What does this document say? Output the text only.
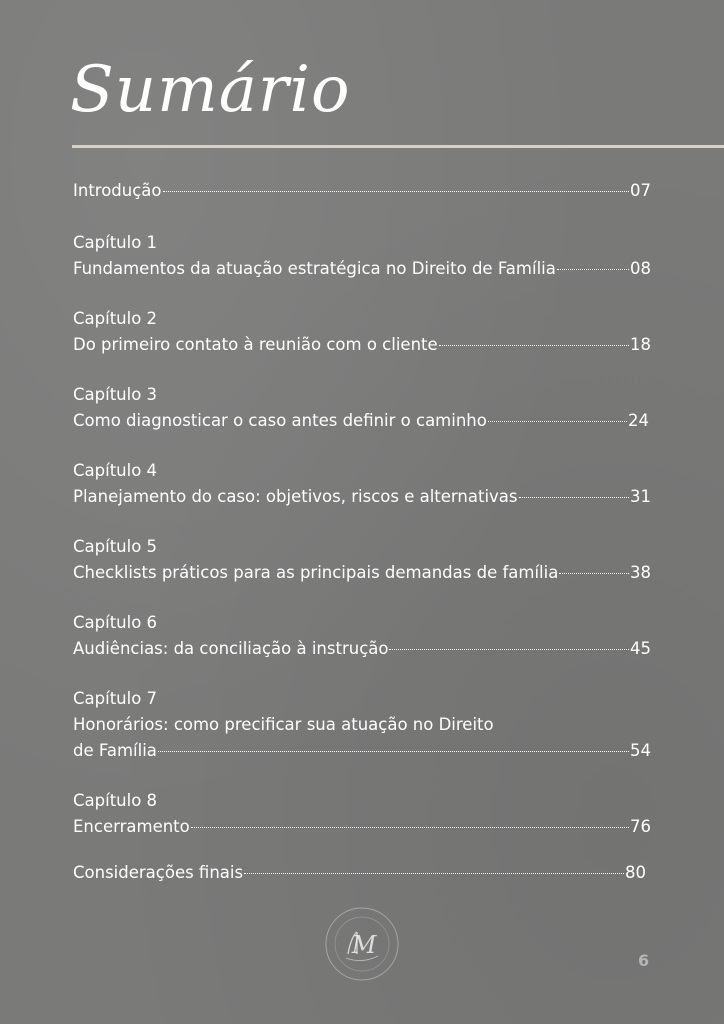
Sumário
Introdução	07
Capítulo 1
Fundamentos da atuação estratégica no Direito de Família	08
Capítulo 2
Do primeiro contato à reunião com o cliente	18
Capítulo 3
Como diagnosticar o caso antes definir o caminho	24
Capítulo 4
Planejamento do caso: objetivos, riscos e alternativas	31
Capítulo 5
Checklists práticos para as principais demandas de família	38
Capítulo 6
Audiências: da conciliação à instrução	45
Capítulo 7
Honorários: como precificar sua atuação no Direito
de Família	54
Capítulo 8
Encerramento	76
Considerações finais	80
M
6
